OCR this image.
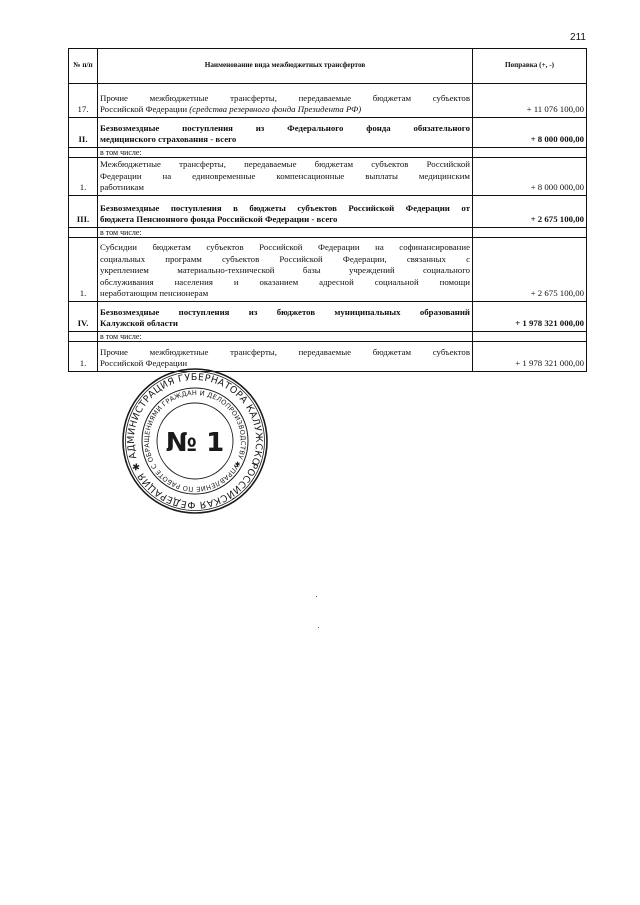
211
№ п/п	Наименование вида межбюджетных трансфертов	Поправка (+, -)
17.	Прочие межбюджетные трансферты, передаваемые бюджетам субъектов
Российской Федерации (средства резервного фонда Президента РФ)	+ 11 076 100,00
II.	Безвозмездные поступления из Федерального фонда обязательного
медицинского страхования - всего	+ 8 000 000,00
	в том числе:	
1.	Межбюджетные трансферты, передаваемые бюджетам субъектов Российской
Федерации на единовременные компенсационные выплаты медицинским
работникам	+ 8 000 000,00
III.	Безвозмездные поступления в бюджеты субъектов Российской Федерации от
бюджета Пенсионного фонда Российской Федерации - всего	+ 2 675 100,00
	в том числе:	
1.	Субсидии бюджетам субъектов Российской Федерации на софинансирование
социальных программ субъектов Российской Федерации, связанных с
укреплением материально-технической базы учреждений социального
обслуживания населения и оказанием адресной социальной помощи
неработающим пенсионерам	+ 2 675 100,00
IV.	Безвозмездные поступления из бюджетов муниципальных образований
Калужской области	+ 1 978 321 000,00
	в том числе:	
1.	Прочие межбюджетные трансферты, передаваемые бюджетам субъектов
Российской Федерации	+ 1 978 321 000,00
РОССИЙСКАЯ ФЕДЕРАЦИЯ ✱ АДМИНИСТРАЦИЯ ГУБЕРНАТОРА КАЛУЖСКОЙ
УПРАВЛЕНИЕ ПО РАБОТЕ С ОБРАЩЕНИЯМИ ГРАЖДАН И ДЕЛОПРОИЗВОДСТВУ ✱
№ 1
